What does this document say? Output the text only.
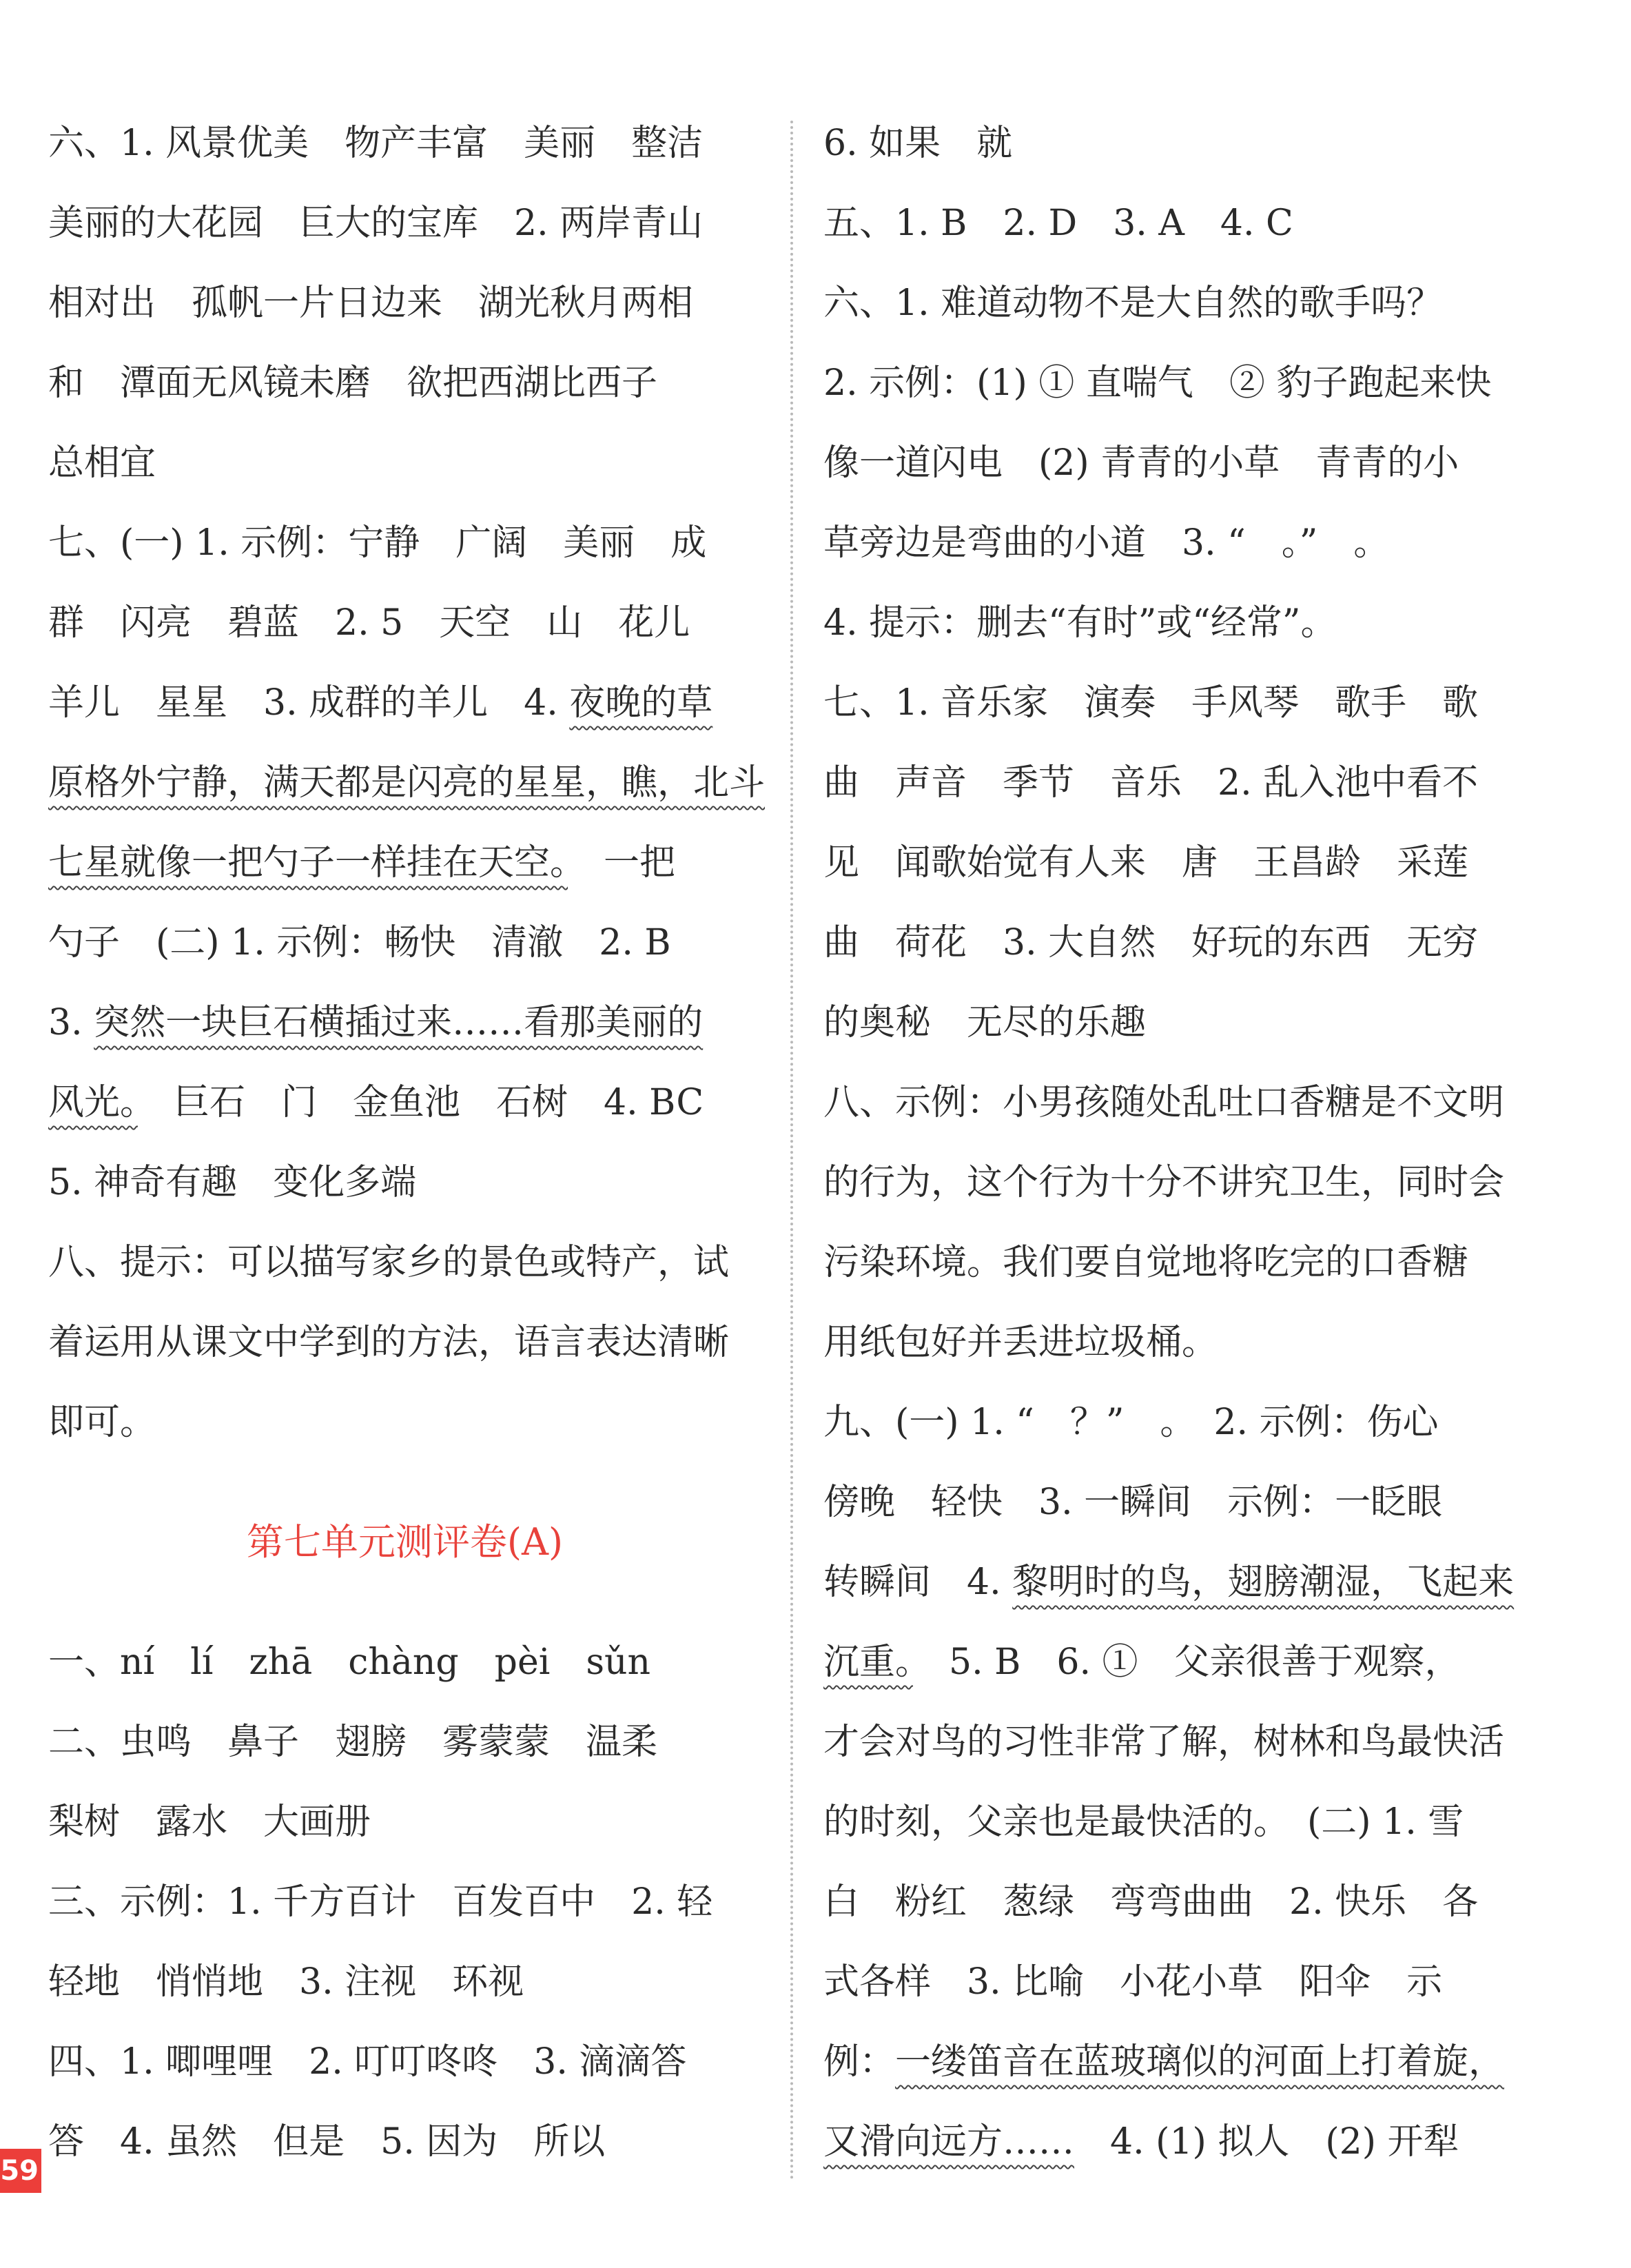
六、1. 风景优美　物产丰富　美丽　整洁

美丽的大花园　巨大的宝库　2. 两岸青山

相对出　孤帆一片日边来　湖光秋月两相

和　潭面无风镜未磨　欲把西湖比西子

总相宜

七、(一) 1. 示例：宁静　广阔　美丽　成

群　闪亮　碧蓝　2. 5　天空　山　花儿

羊儿　星星　3. 成群的羊儿　4. 夜晚的草

原格外宁静，满天都是闪亮的星星，瞧，北斗

七星就像一把勺子一样挂在天空。　一把

勺子　(二) 1. 示例：畅快　清澈　2. B

3. 突然一块巨石横插过来……看那美丽的

风光。　巨石　门　金鱼池　石树　4. BC

5. 神奇有趣　变化多端

八、提示：可以描写家乡的景色或特产，试

着运用从课文中学到的方法，语言表达清晰

即可。

第七单元测评卷(A)

一、ní　lí　zhā　chàng　pèi　sǔn

二、虫鸣　鼻子　翅膀　雾蒙蒙　温柔

梨树　露水　大画册

三、示例：1. 千方百计　百发百中　2. 轻

轻地　悄悄地　3. 注视　环视

四、1. 唧哩哩　2. 叮叮咚咚　3. 滴滴答

答　4. 虽然　但是　5. 因为　所以

6. 如果　就

五、1. B　2. D　3. A　4. C

六、1. 难道动物不是大自然的歌手吗？

2. 示例：(1) ① 直喘气　② 豹子跑起来快

像一道闪电　(2) 青青的小草　青青的小

草旁边是弯曲的小道　3. “　。”　。

4. 提示：删去“有时”或“经常”。

七、1. 音乐家　演奏　手风琴　歌手　歌

曲　声音　季节　音乐　2. 乱入池中看不

见　闻歌始觉有人来　唐　王昌龄　采莲

曲　荷花　3. 大自然　好玩的东西　无穷

的奥秘　无尽的乐趣

八、示例：小男孩随处乱吐口香糖是不文明

的行为，这个行为十分不讲究卫生，同时会

污染环境。我们要自觉地将吃完的口香糖

用纸包好并丢进垃圾桶。

九、(一) 1. “　？”　。　2. 示例：伤心

傍晚　轻快　3. 一瞬间　示例：一眨眼

转瞬间　4. 黎明时的鸟，翅膀潮湿，飞起来

沉重。　5. B　6. ①　父亲很善于观察，

才会对鸟的习性非常了解，树林和鸟最快活

的时刻，父亲也是最快活的。　(二) 1. 雪

白　粉红　葱绿　弯弯曲曲　2. 快乐　各

式各样　3. 比喻　小花小草　阳伞　示

例：一缕笛音在蓝玻璃似的河面上打着旋，

又滑向远方……　4. (1) 拟人　(2) 开犁

59
